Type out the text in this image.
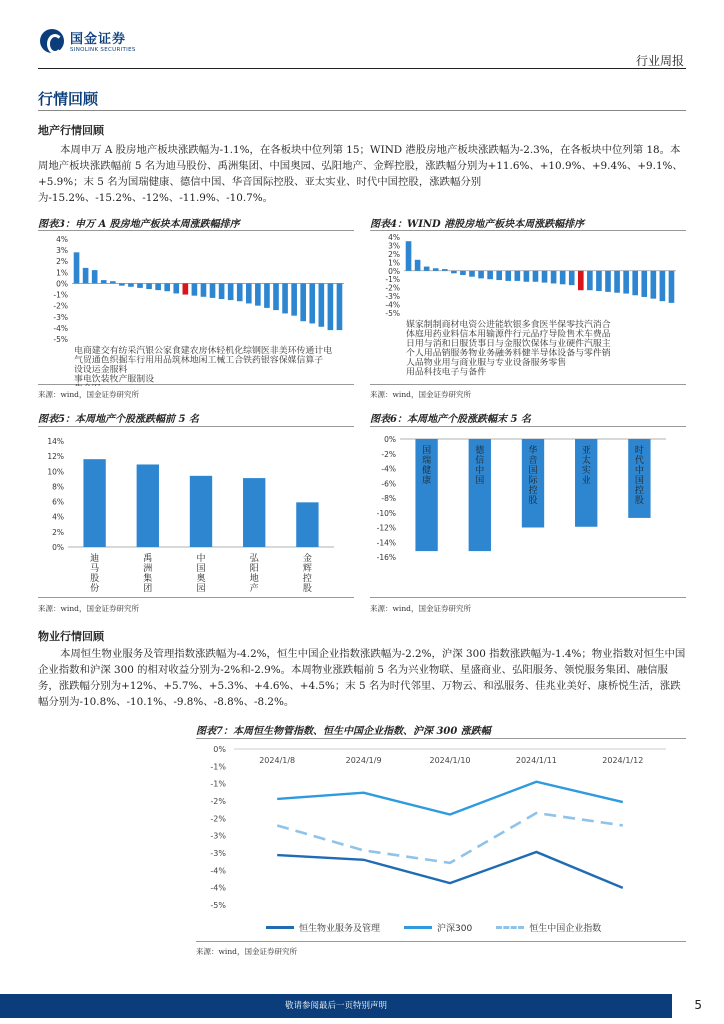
国金证券
SINOLINK SECURITIES
行业周报
行情回顾
地产行情回顾
本周申万 A 股房地产板块涨跌幅为-1.1%，在各板块中位列第 15；WIND 港股房地产板块涨跌幅为-2.3%，在各板块中位列第 18。本周地产板块涨跌幅前 5 名为迪马股份、禹洲集团、中国奥园、弘阳地产、金辉控股，涨跌幅分别为+11.6%、+10.9%、+9.4%、+9.1%、+5.9%；末 5 名为国瑞健康、德信中国、华音国际控股、亚太实业、时代中国控股，涨跌幅分别为-15.2%、-15.2%、-12%、-11.9%、-10.7%。
图表3：申万 A 股房地产板块本周涨跌幅排序
4%
3%
2%
1%
0%
-1%
-2%
-3%
-4%
-5%
电商建交有纺采汽银公家食建农房休轻机化综钢医非美环传通计电
气贸通色织掘车行用用品筑林地闲工械工合铁药银容保媒信算子
设设运金服料
事电饮装牧产服制设
来源：wind，国金证券研究所
图表4：WIND 港股房地产板块本周涨跌幅排序
4%
3%
2%
1%
0%
-1%
-2%
-3%
-4%
-5%
媒家制制商材电资公进能软银多食医半保零技汽消合
体庭用药业料信本用输源件行元品疗导险售术车费品
日用与消和日服货事日与金服饮保体与业硬件汽服主
个人用品销服务物业务融务料健半导体设备与零件销
人品物业用与商业服与专业设备服务零售
用品科技电子与备件
来源：wind，国金证券研究所
图表5：本周地产个股涨跌幅前 5 名
14%
12%
10%
8%
6%
4%
2%
0%
迪
马
股
份
禹
洲
集
团
中
国
奥
园
弘
阳
地
产
金
辉
控
股
来源：wind，国金证券研究所
图表6：本周地产个股涨跌幅末 5 名
0%
-2%
-4%
-6%
-8%
-10%
-12%
-14%
-16%
国
瑞
健
康
德
信
中
国
华
音
国
际
控
股
亚
太
实
业
时
代
中
国
控
股
来源：wind，国金证券研究所
物业行情回顾
本周恒生物业服务及管理指数涨跌幅为-4.2%，恒生中国企业指数涨跌幅为-2.2%，沪深 300 指数涨跌幅为-1.4%；物业指数对恒生中国企业指数和沪深 300 的相对收益分别为-2%和-2.9%。本周物业涨跌幅前 5 名为兴业物联、星盛商业、弘阳服务、领悦服务集团、融信服务，涨跌幅分别为+12%、+5.7%、+5.3%、+4.6%、+4.5%；末 5 名为时代邻里、万物云、和泓服务、佳兆业美好、康桥悦生活，涨跌幅分别为-10.8%、-10.1%、-9.8%、-8.8%、-8.2%。
图表7：本周恒生物管指数、恒生中国企业指数、沪深 300 涨跌幅
0%
-1%
-1%
-2%
-2%
-3%
-3%
-4%
-4%
-5%
2024/1/8	2024/1/9	2024/1/10	2024/1/11	2024/1/12
恒生物业服务及管理	沪深300	恒生中国企业指数
来源：wind，国金证券研究所
敬请参阅最后一页特别声明	5
